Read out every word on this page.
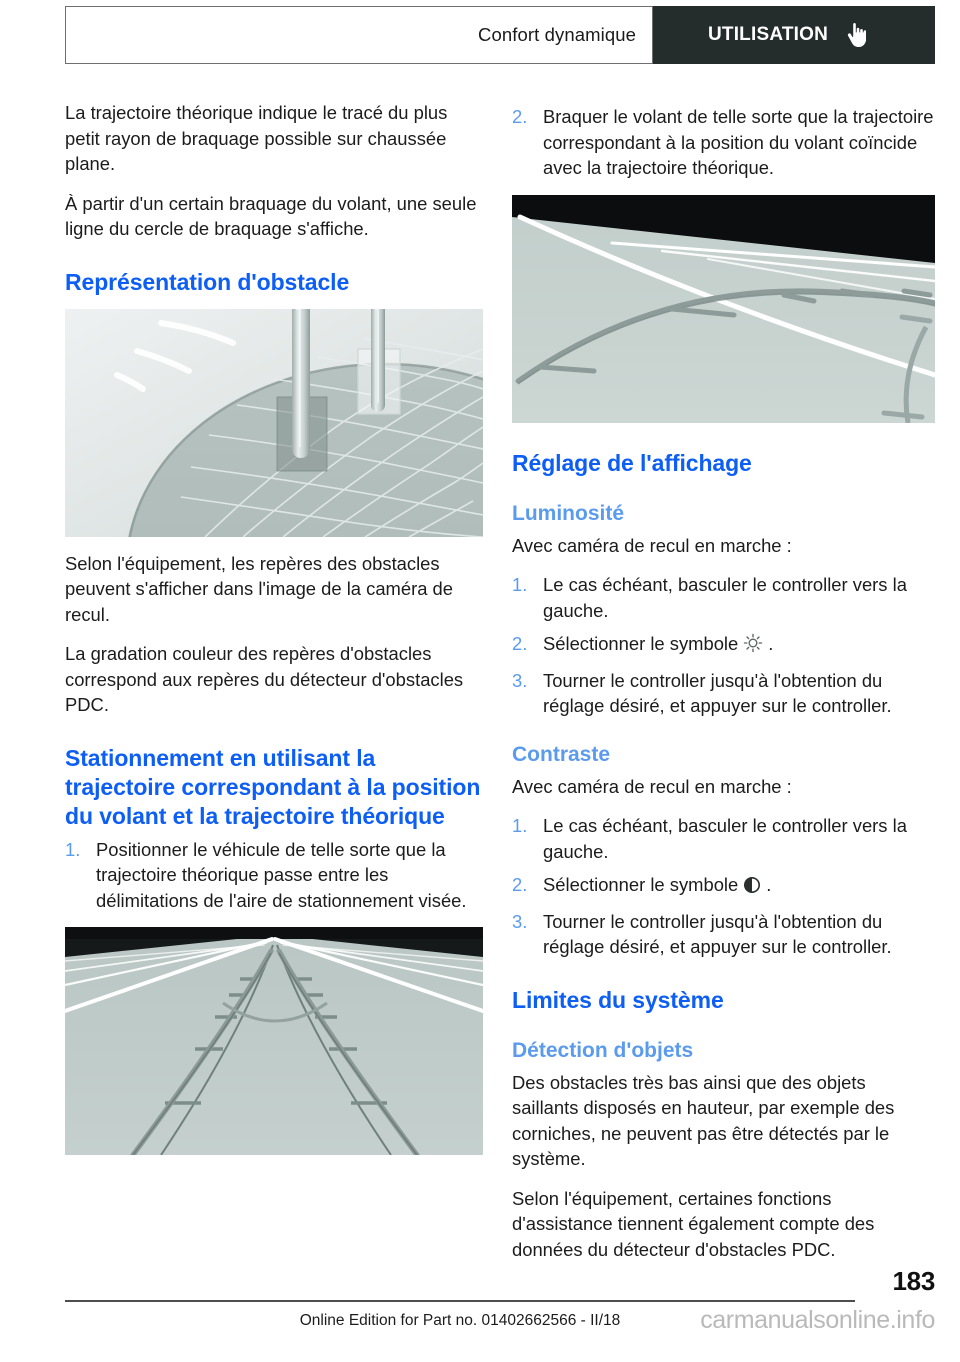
Confort dynamique	UTILISATION

La trajectoire théorique indique le tracé du plus petit rayon de braquage possible sur chaussée plane.

À partir d'un certain braquage du volant, une seule ligne du cercle de braquage s'affiche.

Représentation d'obstacle

Selon l'équipement, les repères des obstacles peuvent s'afficher dans l'image de la caméra de recul.

La gradation couleur des repères d'obstacles correspond aux repères du détecteur d'obstacles PDC.

Stationnement en utilisant la trajectoire correspondant à la position du volant et la trajectoire théorique
Positionner le véhicule de telle sorte que la trajectoire théorique passe entre les délimitations de l'aire de stationnement visée.
Braquer le volant de telle sorte que la trajectoire correspondant à la position du volant coïncide avec la trajectoire théorique.
Réglage de l'affichage
Luminosité

Avec caméra de recul en marche :

Le cas échéant, basculer le controller vers la gauche.
Sélectionner le symbole .
Tourner le controller jusqu'à l'obtention du réglage désiré, et appuyer sur le controller.
Contraste

Avec caméra de recul en marche :

Le cas échéant, basculer le controller vers la gauche.
Sélectionner le symbole .
Tourner le controller jusqu'à l'obtention du réglage désiré, et appuyer sur le controller.
Limites du système
Détection d'objets

Des obstacles très bas ainsi que des objets saillants disposés en hauteur, par exemple des corniches, ne peuvent pas être détectés par le système.

Selon l'équipement, certaines fonctions d'assistance tiennent également compte des données du détecteur d'obstacles PDC.

183
Online Edition for Part no. 01402662566 - II/18	carmanualsonline.info
